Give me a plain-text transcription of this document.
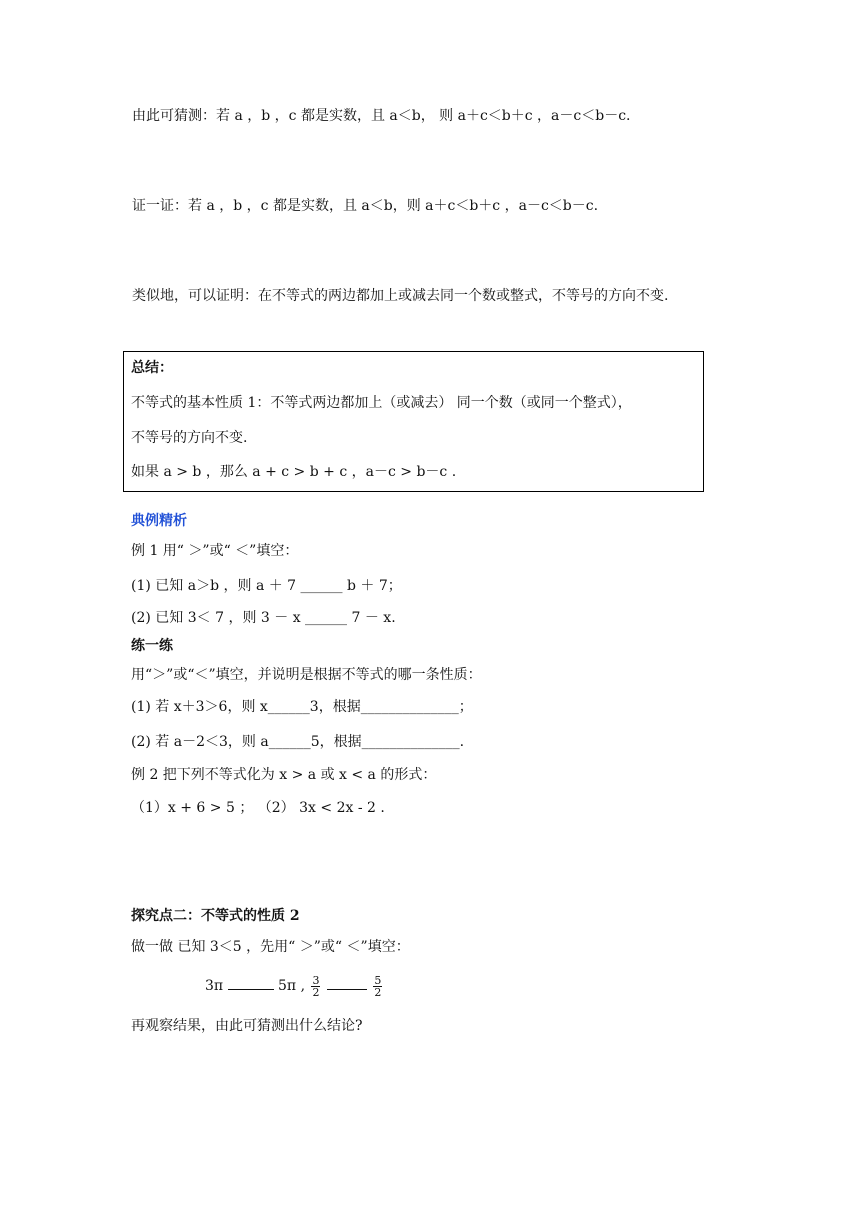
由此可猜测：若 a ，b ，c 都是实数，且 a＜b， 则 a＋c＜b＋c ，a－c＜b－c.
证一证：若 a ，b ，c 都是实数，且 a＜b，则 a＋c＜b＋c ，a－c＜b－c.
类似地，可以证明：在不等式的两边都加上或减去同一个数或整式，不等号的方向不变.
总结：
不等式的基本性质 1：不等式两边都加上（或减去） 同一个数（或同一个整式），
不等号的方向不变.
如果 a > b ，那么 a + c > b + c ，a－c > b－c .
典例精析
例 1 用“ ＞”或“ ＜”填空：
(1) 已知 a＞b ，则 a ＋ 7 ______ b ＋ 7；
(2) 已知 3＜ 7 ，则 3 － x ______ 7 － x.
练一练
用“＞”或“＜”填空，并说明是根据不等式的哪一条性质：
(1) 若 x＋3＞6，则 x______3，根据______________；
(2) 若 a－2＜3，则 a______5，根据______________.
例 2 把下列不等式化为 x > a 或 x < a 的形式：
（1）x + 6 > 5 ； （2） 3x < 2x - 2 .
探究点二：不等式的性质 2
做一做 已知 3＜5 ，先用“ ＞”或“ ＜”填空：
3π	5π , $\frac{3}{2}$
	$\frac{5}{2}$
再观察结果，由此可猜测出什么结论?
